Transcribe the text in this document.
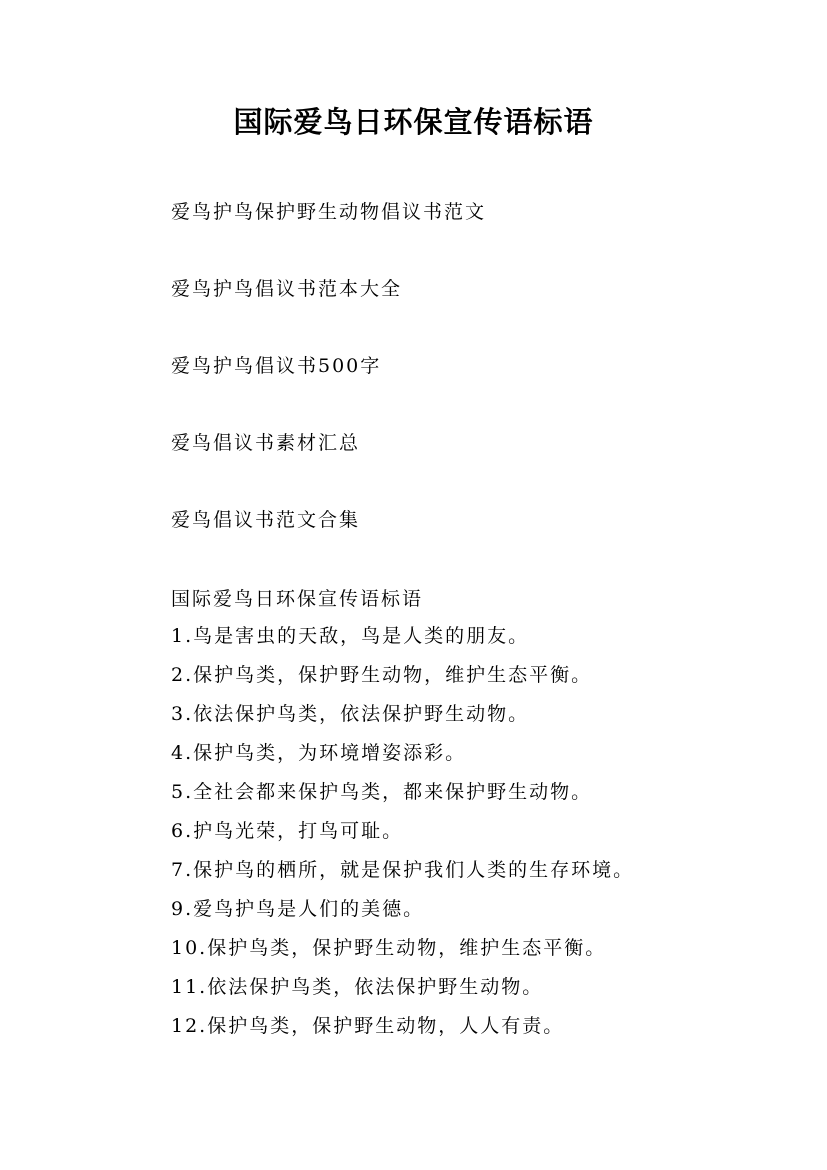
国际爱鸟日环保宣传语标语
爱鸟护鸟保护野生动物倡议书范文
爱鸟护鸟倡议书范本大全
爱鸟护鸟倡议书500字
爱鸟倡议书素材汇总
爱鸟倡议书范文合集
国际爱鸟日环保宣传语标语
1.鸟是害虫的天敌，鸟是人类的朋友。
2.保护鸟类，保护野生动物，维护生态平衡。
3.依法保护鸟类，依法保护野生动物。
4.保护鸟类，为环境增姿添彩。
5.全社会都来保护鸟类，都来保护野生动物。
6.护鸟光荣，打鸟可耻。
7.保护鸟的栖所，就是保护我们人类的生存环境。
9.爱鸟护鸟是人们的美德。
10.保护鸟类，保护野生动物，维护生态平衡。
11.依法保护鸟类，依法保护野生动物。
12.保护鸟类，保护野生动物，人人有责。
